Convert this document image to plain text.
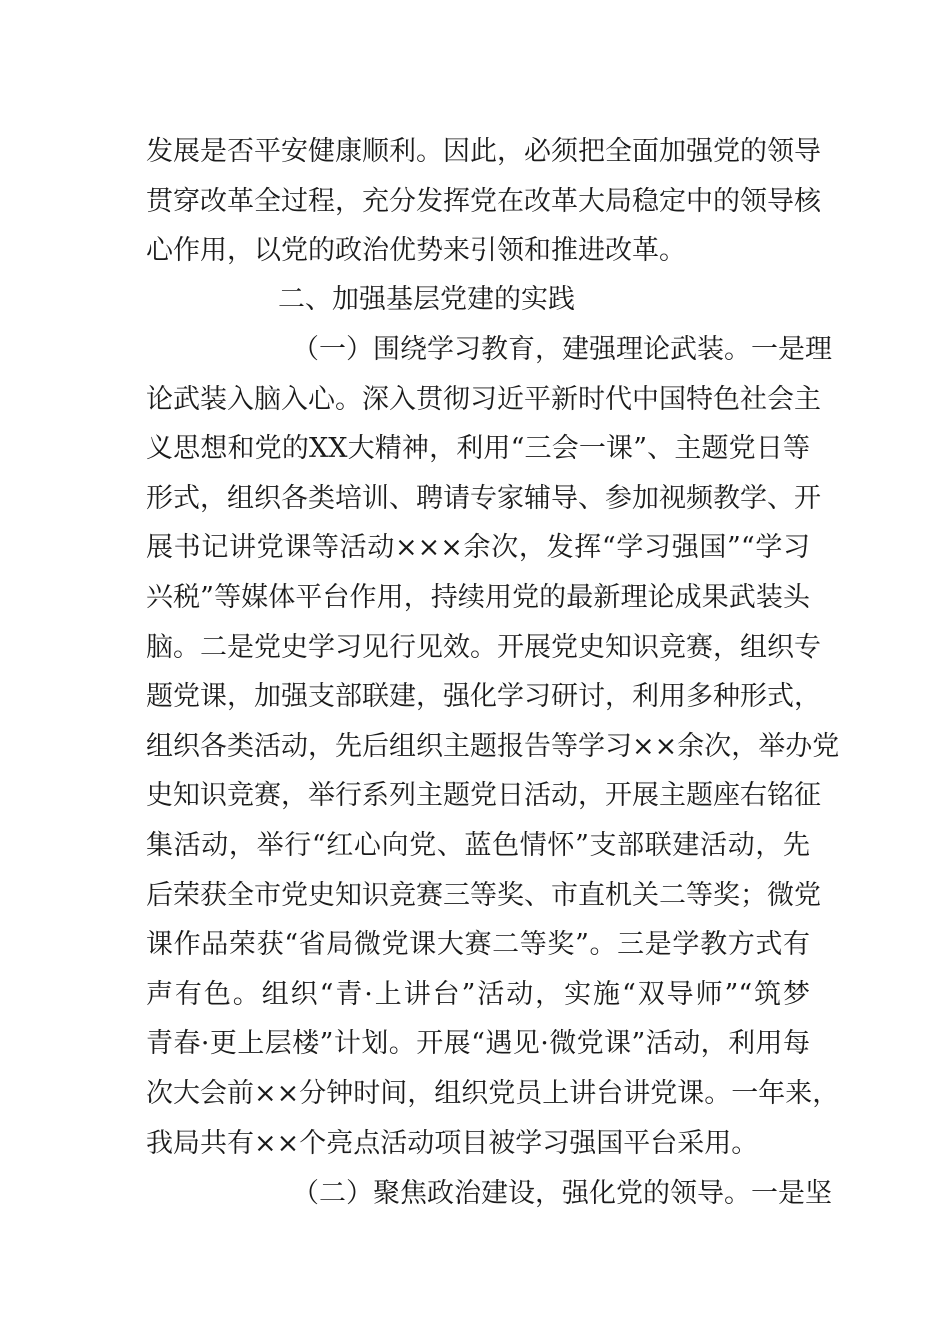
发展是否平安健康顺利。因此，必须把全面加强党的领导
贯穿改革全过程，充分发挥党在改革大局稳定中的领导核
心作用，以党的政治优势来引领和推进改革。
二、加强基层党建的实践
（一）围绕学习教育，建强理论武装。一是理
论武装入脑入心。深入贯彻习近平新时代中国特色社会主
义思想和党的XX大精神，利用“三会一课”、主题党日等
形式，组织各类培训、聘请专家辅导、参加视频教学、开
展书记讲党课等活动×××余次，发挥“学习强国”“学习
兴税”等媒体平台作用，持续用党的最新理论成果武装头
脑。二是党史学习见行见效。开展党史知识竞赛，组织专
题党课，加强支部联建，强化学习研讨，利用多种形式，
组织各类活动，先后组织主题报告等学习××余次，举办党
史知识竞赛，举行系列主题党日活动，开展主题座右铭征
集活动，举行“红心向党、蓝色情怀”支部联建活动，先
后荣获全市党史知识竞赛三等奖、市直机关二等奖；微党
课作品荣获“省局微党课大赛二等奖”。三是学教方式有
声有色。组织“青·上讲台”活动，实施“双导师”“筑梦
青春·更上层楼”计划。开展“遇见·微党课”活动，利用每
次大会前××分钟时间，组织党员上讲台讲党课。一年来，
我局共有××个亮点活动项目被学习强国平台采用。
（二）聚焦政治建设，强化党的领导。一是坚
